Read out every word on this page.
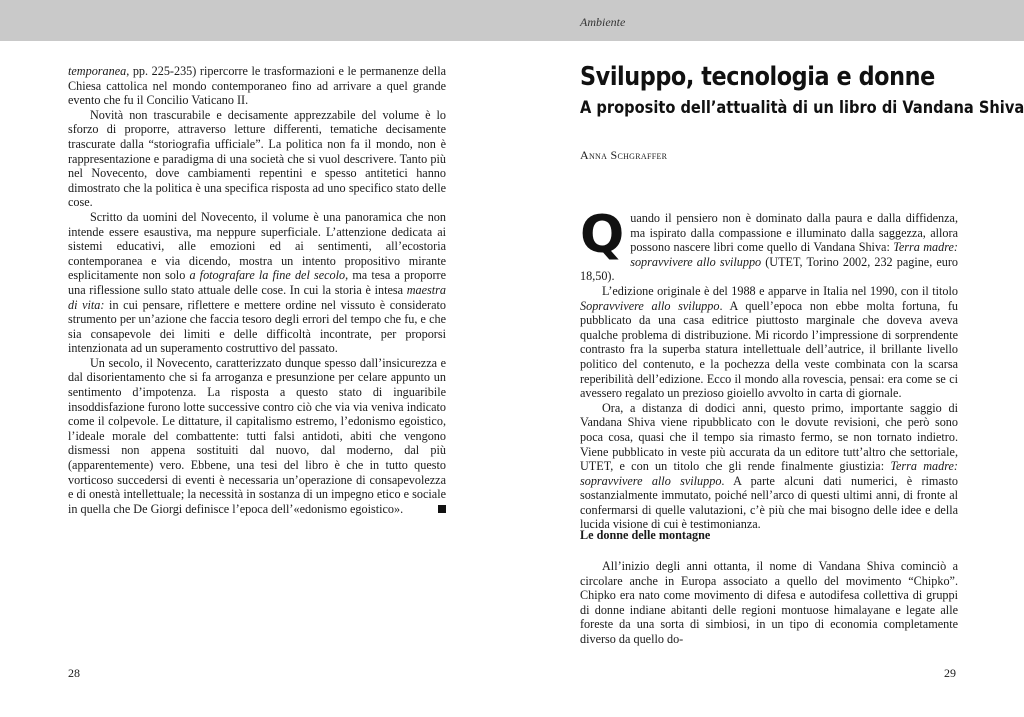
Ambiente

temporanea, pp. 225-235) ripercorre le trasformazioni e le permanenze della Chiesa cattolica nel mondo contemporaneo fino ad arrivare a quel grande evento che fu il Concilio Vaticano II.

Novità non trascurabile e decisamente apprezzabile del volume è lo sforzo di proporre, attraverso letture differenti, tematiche decisamente trascurate dalla “storiografia ufficiale”. La politica non fa il mondo, non è rappresentazione e paradigma di una società che si vuol descrivere. Tanto più nel Novecento, dove cambiamenti repentini e spesso antitetici hanno dimostrato che la politica è una specifica risposta ad uno specifico stato delle cose.

Scritto da uomini del Novecento, il volume è una panoramica che non intende essere esaustiva, ma neppure superficiale. L’attenzione dedicata ai sistemi educativi, alle emozioni ed ai sentimenti, all’ecostoria contemporanea e via dicendo, mostra un intento propositivo mirante esplicitamente non solo a fotografare la fine del secolo, ma tesa a proporre una riflessione sullo stato attuale delle cose. In cui la storia è intesa maestra di vita: in cui pensare, riflettere e mettere ordine nel vissuto è considerato strumento per un’azione che faccia tesoro degli errori del tempo che fu, e che sia consapevole dei limiti e delle difficoltà incontrate, per proporsi intenzionata ad un superamento costruttivo del passato.

Un secolo, il Novecento, caratterizzato dunque spesso dall’insicurezza e dal disorientamento che si fa arroganza e presunzione per celare appunto un sentimento d’impotenza. La risposta a questo stato di inguaribile insoddisfazione furono lotte successive contro ciò che via via veniva indicato come il colpevole. Le dittature, il capitalismo estremo, l’edonismo egoistico, l’ideale morale del combattente: tutti falsi antidoti, abiti che vengono dismessi non appena sostituiti dal nuovo, dal moderno, dal più (apparentemente) vero. Ebbene, una tesi del libro è che in tutto questo vorticoso succedersi di eventi è necessaria un’operazione di consapevolezza e di onestà intellettuale; la necessità in sostanza di un impegno etico e sociale in quella che De Giorgi definisce l’epoca dell’«edonismo egoistico».

28
Sviluppo, tecnologia e donne
A proposito dell’attualità di un libro di Vandana Shiva
Anna Schgraffer

Quando il pensiero non è dominato dalla paura e dalla diffidenza, ma ispirato dalla compassione e illuminato dalla saggezza, allora possono nascere libri come quello di Vandana Shiva: Terra madre: sopravvivere allo sviluppo (UTET, Torino 2002, 232 pagine, euro 18,50).

L’edizione originale è del 1988 e apparve in Italia nel 1990, con il titolo Sopravvivere allo sviluppo. A quell’epoca non ebbe molta fortuna, fu pubblicato da una casa editrice piuttosto marginale che doveva aveva qualche problema di distribuzione. Mi ricordo l’impressione di sorprendente contrasto fra la superba statura intellettuale dell’autrice, il brillante livello politico del contenuto, e la pochezza della veste combinata con la scarsa reperibilità dell’edizione. Ecco il mondo alla rovescia, pensai: era come se ci avessero regalato un prezioso gioiello avvolto in carta di giornale.

Ora, a distanza di dodici anni, questo primo, importante saggio di Vandana Shiva viene ripubblicato con le dovute revisioni, che però sono poca cosa, quasi che il tempo sia rimasto fermo, se non tornato indietro. Viene pubblicato in veste più accurata da un editore tutt’altro che settoriale, UTET, e con un titolo che gli rende finalmente giustizia: Terra madre: sopravvivere allo sviluppo. A parte alcuni dati numerici, è rimasto sostanzialmente immutato, poiché nell’arco di questi ultimi anni, di fronte al confermarsi di quelle valutazioni, c’è più che mai bisogno delle idee e della lucida visione di cui è testimonianza.

Le donne delle montagne

All’inizio degli anni ottanta, il nome di Vandana Shiva cominciò a circolare anche in Europa associato a quello del movimento “Chipko”. Chipko era nato come movimento di difesa e autodifesa collettiva di gruppi di donne indiane abitanti delle regioni montuose himalayane e legate alle foreste da una sorta di simbiosi, in un tipo di economia completamente diverso da quello do-

29
